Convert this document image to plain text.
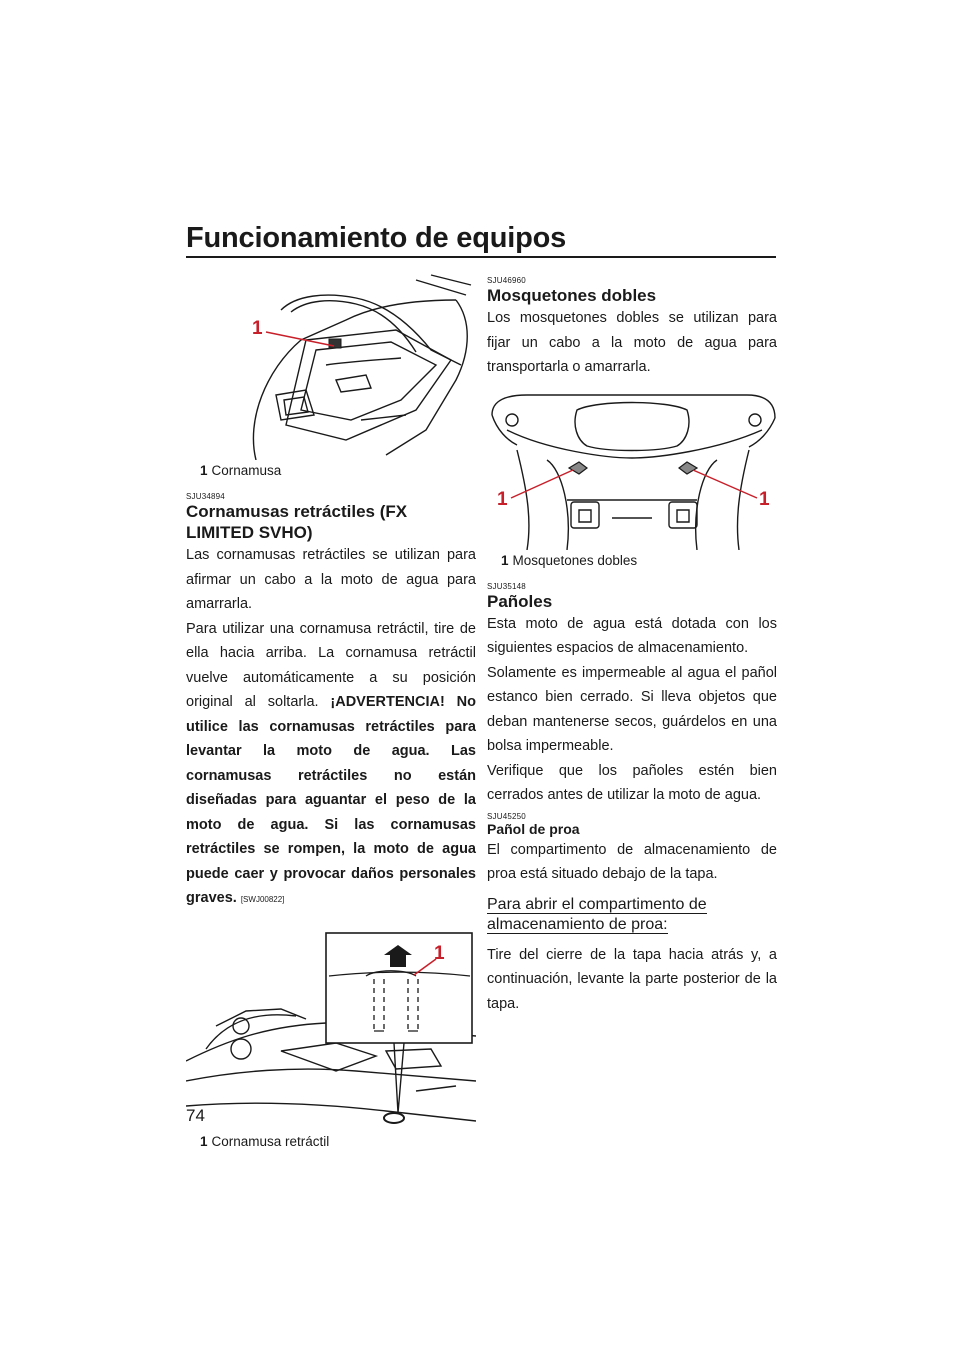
Funcionamiento de equipos
1
1 Cornamusa
SJU34894
Cornamusas retráctiles (FX LIMITED SVHO)
Las cornamusas retráctiles se utilizan para afirmar un cabo a la moto de agua para amarrarla.
Para utilizar una cornamusa retráctil, tire de ella hacia arriba. La cornamusa retráctil vuelve automáticamente a su posición original al soltarla. ¡ADVERTENCIA! No utilice las cornamusas retráctiles para levantar la moto de agua. Las cornamusas retráctiles no están diseñadas para aguantar el peso de la moto de agua. Si las cornamusas retráctiles se rompen, la moto de agua puede caer y provocar daños personales graves. [SWJ00822]
1
1 Cornamusa retráctil
SJU46960
Mosquetones dobles
Los mosquetones dobles se utilizan para fijar un cabo a la moto de agua para transportarla o amarrarla.
1	1
1 Mosquetones dobles
SJU35148
Pañoles
Esta moto de agua está dotada con los siguientes espacios de almacenamiento.
Solamente es impermeable al agua el pañol estanco bien cerrado. Si lleva objetos que deban mantenerse secos, guárdelos en una bolsa impermeable.
Verifique que los pañoles estén bien cerrados antes de utilizar la moto de agua.
SJU45250
Pañol de proa
El compartimento de almacenamiento de proa está situado debajo de la tapa.
Para abrir el compartimento de almacenamiento de proa:
Tire del cierre de la tapa hacia atrás y, a continuación, levante la parte posterior de la tapa.
74
